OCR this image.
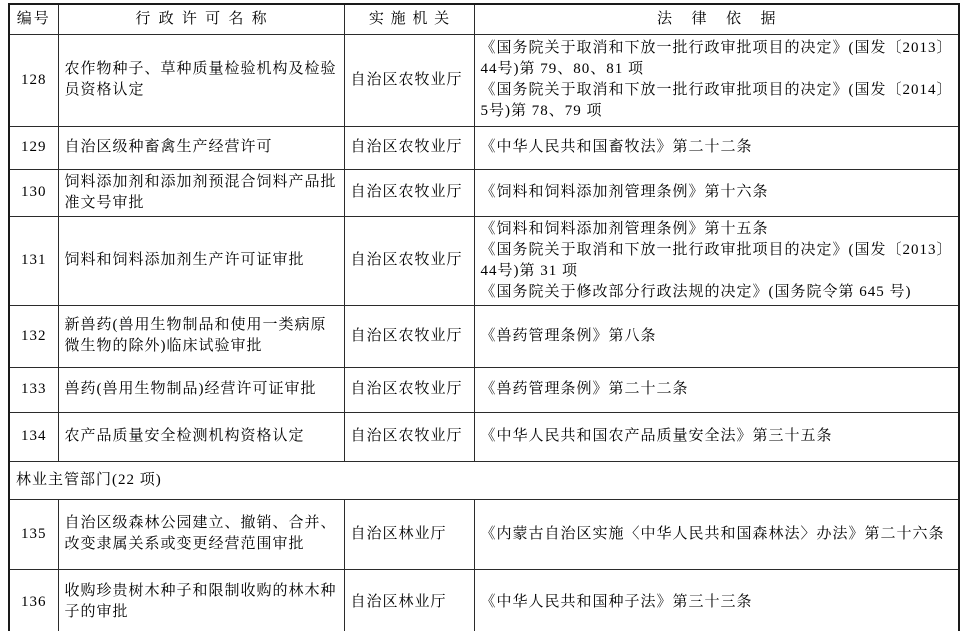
编号	行政许可名称	实施机关	法律依据
128	农作物种子、草种质量检验机构及检验员资格认定	自治区农牧业厅	《国务院关于取消和下放一批行政审批项目的决定》(国发〔2013〕44号)第 79、80、81 项
《国务院关于取消和下放一批行政审批项目的决定》(国发〔2014〕5号)第 78、79 项

129	自治区级种畜禽生产经营许可	自治区农牧业厅	《中华人民共和国畜牧法》第二十二条

130	饲料添加剂和添加剂预混合饲料产品批准文号审批	自治区农牧业厅	《饲料和饲料添加剂管理条例》第十六条

131	饲料和饲料添加剂生产许可证审批	自治区农牧业厅	《饲料和饲料添加剂管理条例》第十五条
《国务院关于取消和下放一批行政审批项目的决定》(国发〔2013〕44号)第 31 项
《国务院关于修改部分行政法规的决定》(国务院令第 645 号)

132	新兽药(兽用生物制品和使用一类病原微生物的除外)临床试验审批	自治区农牧业厅	《兽药管理条例》第八条

133	兽药(兽用生物制品)经营许可证审批	自治区农牧业厅	《兽药管理条例》第二十二条

134	农产品质量安全检测机构资格认定	自治区农牧业厅	《中华人民共和国农产品质量安全法》第三十五条

林业主管部门(22 项)			
135	自治区级森林公园建立、撤销、合并、改变隶属关系或变更经营范围审批	自治区林业厅	《内蒙古自治区实施〈中华人民共和国森林法〉办法》第二十六条

136	收购珍贵树木种子和限制收购的林木种子的审批	自治区林业厅	《中华人民共和国种子法》第三十三条
